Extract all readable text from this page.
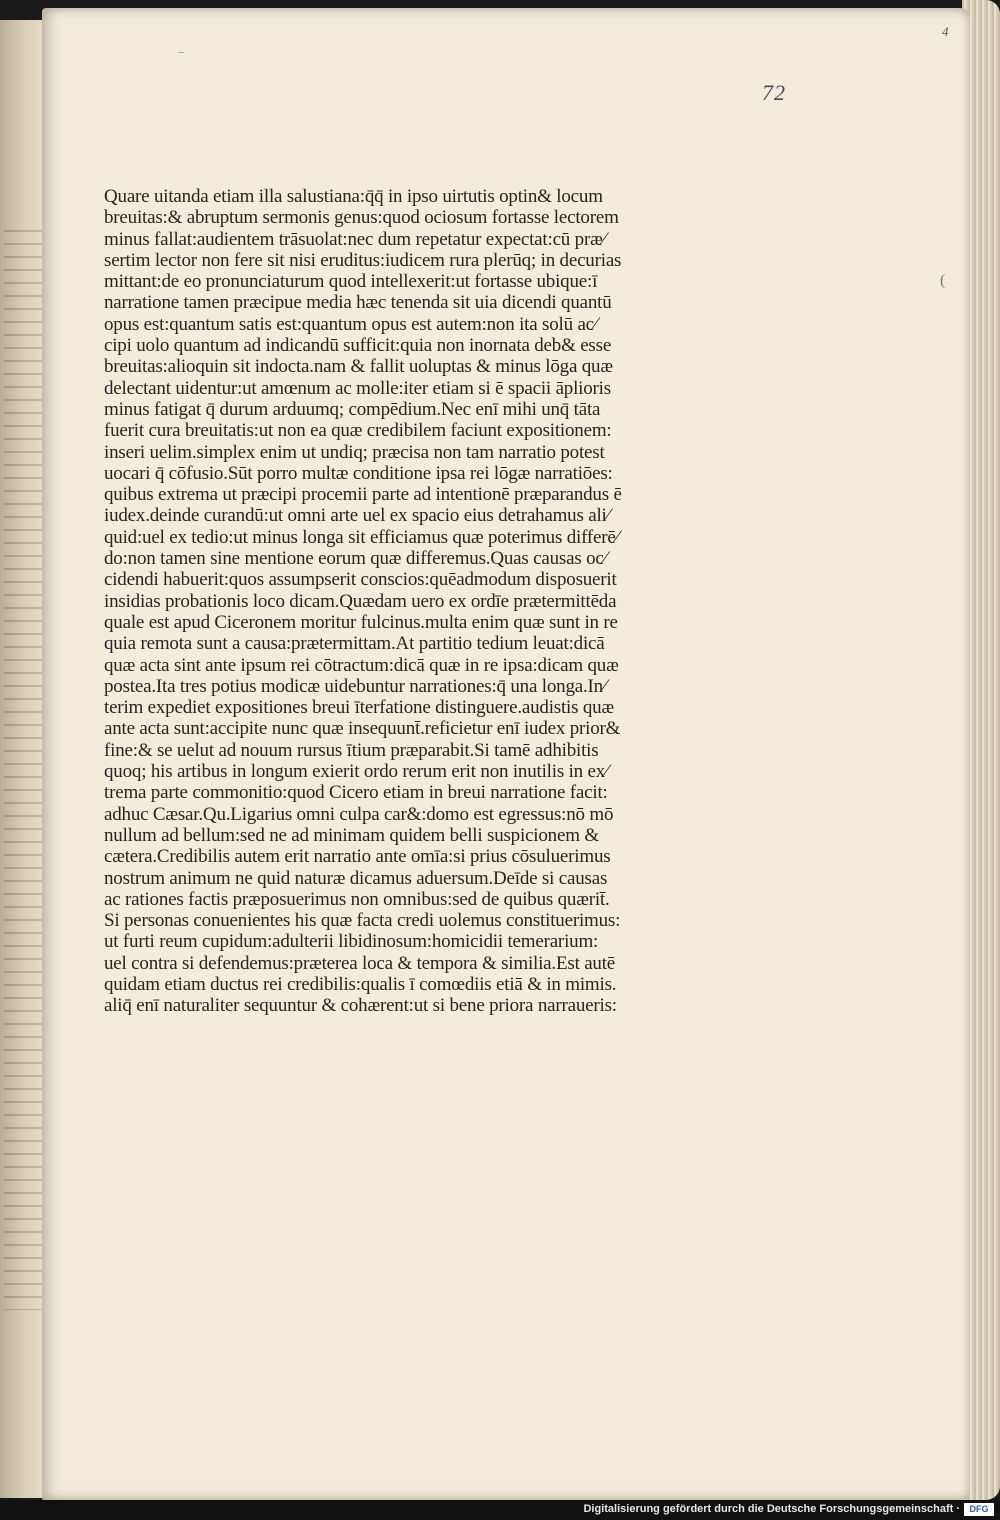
–
4
72
(
Quare uitanda etiam illa salustiana:q̄q̄ in ipso uirtutis optin& locum
breuitas:& abruptum sermonis genus:quod ociosum fortasse lectorem
minus fallat:audientem trāsuolat:nec dum repetatur expectat:cū præ⁄
sertim lector non fere sit nisi eruditus:iudicem rura plerūq; in decurias
mittant:de eo pronunciaturum quod intellexerit:ut fortasse ubique:ī
narratione tamen præcipue media hæc tenenda sit uia dicendi quantū
opus est:quantum satis est:quantum opus est autem:non ita solū ac⁄
cipi uolo quantum ad indicandū sufficit:quia non inornata deb& esse
breuitas:alioquin sit indocta.nam & fallit uoluptas & minus lōga quæ
delectant uidentur:ut amœnum ac molle:iter etiam si ē spacii āplioris
minus fatigat q̄ durum arduumq; compēdium.Nec enī mihi unq̄ tāta
fuerit cura breuitatis:ut non ea quæ credibilem faciunt expositionem:
inseri uelim.simplex enim ut undiq; præcisa non tam narratio potest
uocari q̄ cōfusio.Sūt porro multæ conditione ipsa rei lōgæ narratiōes:
quibus extrema ut præcipi procemii parte ad intentionē præparandus ē
iudex.deinde curandū:ut omni arte uel ex spacio eius detrahamus ali⁄
quid:uel ex tedio:ut minus longa sit efficiamus quæ poterimus differē⁄
do:non tamen sine mentione eorum quæ differemus.Quas causas oc⁄
cidendi habuerit:quos assumpserit conscios:quēadmodum disposuerit
insidias probationis loco dicam.Quædam uero ex ordīe prætermittēda
quale est apud Ciceronem moritur fulcinus.multa enim quæ sunt in re
quia remota sunt a causa:prætermittam.At partitio tedium leuat:dicā
quæ acta sint ante ipsum rei cōtractum:dicā quæ in re ipsa:dicam quæ
postea.Ita tres potius modicæ uidebuntur narrationes:q̄ una longa.In⁄
terim expediet expositiones breui īterfatione distinguere.audistis quæ
ante acta sunt:accipite nunc quæ insequunt̄.reficietur enī iudex prior&
fine:& se uelut ad nouum rursus ītium præparabit.Si tamē adhibitis
quoq; his artibus in longum exierit ordo rerum erit non inutilis in ex⁄
trema parte commonitio:quod Cicero etiam in breui narratione facit:
adhuc Cæsar.Qu.Ligarius omni culpa car&:domo est egressus:nō mō
nullum ad bellum:sed ne ad minimam quidem belli suspicionem &
cætera.Credibilis autem erit narratio ante omīa:si prius cōsuluerimus
nostrum animum ne quid naturæ dicamus aduersum.Deīde si causas
ac rationes factis præposuerimus non omnibus:sed de quibus quærit̄.
Si personas conuenientes his quæ facta credi uolemus constituerimus:
ut furti reum cupidum:adulterii libidinosum:homicidii temerarium:
uel contra si defendemus:præterea loca & tempora & similia.Est autē
quidam etiam ductus rei credibilis:qualis ī comœdiis etiā & in mimis.
aliq̄ enī naturaliter sequuntur & cohærent:ut si bene priora narraueris:
Digitalisierung gefördert durch die Deutsche Forschungsgemeinschaft ·	DFG
